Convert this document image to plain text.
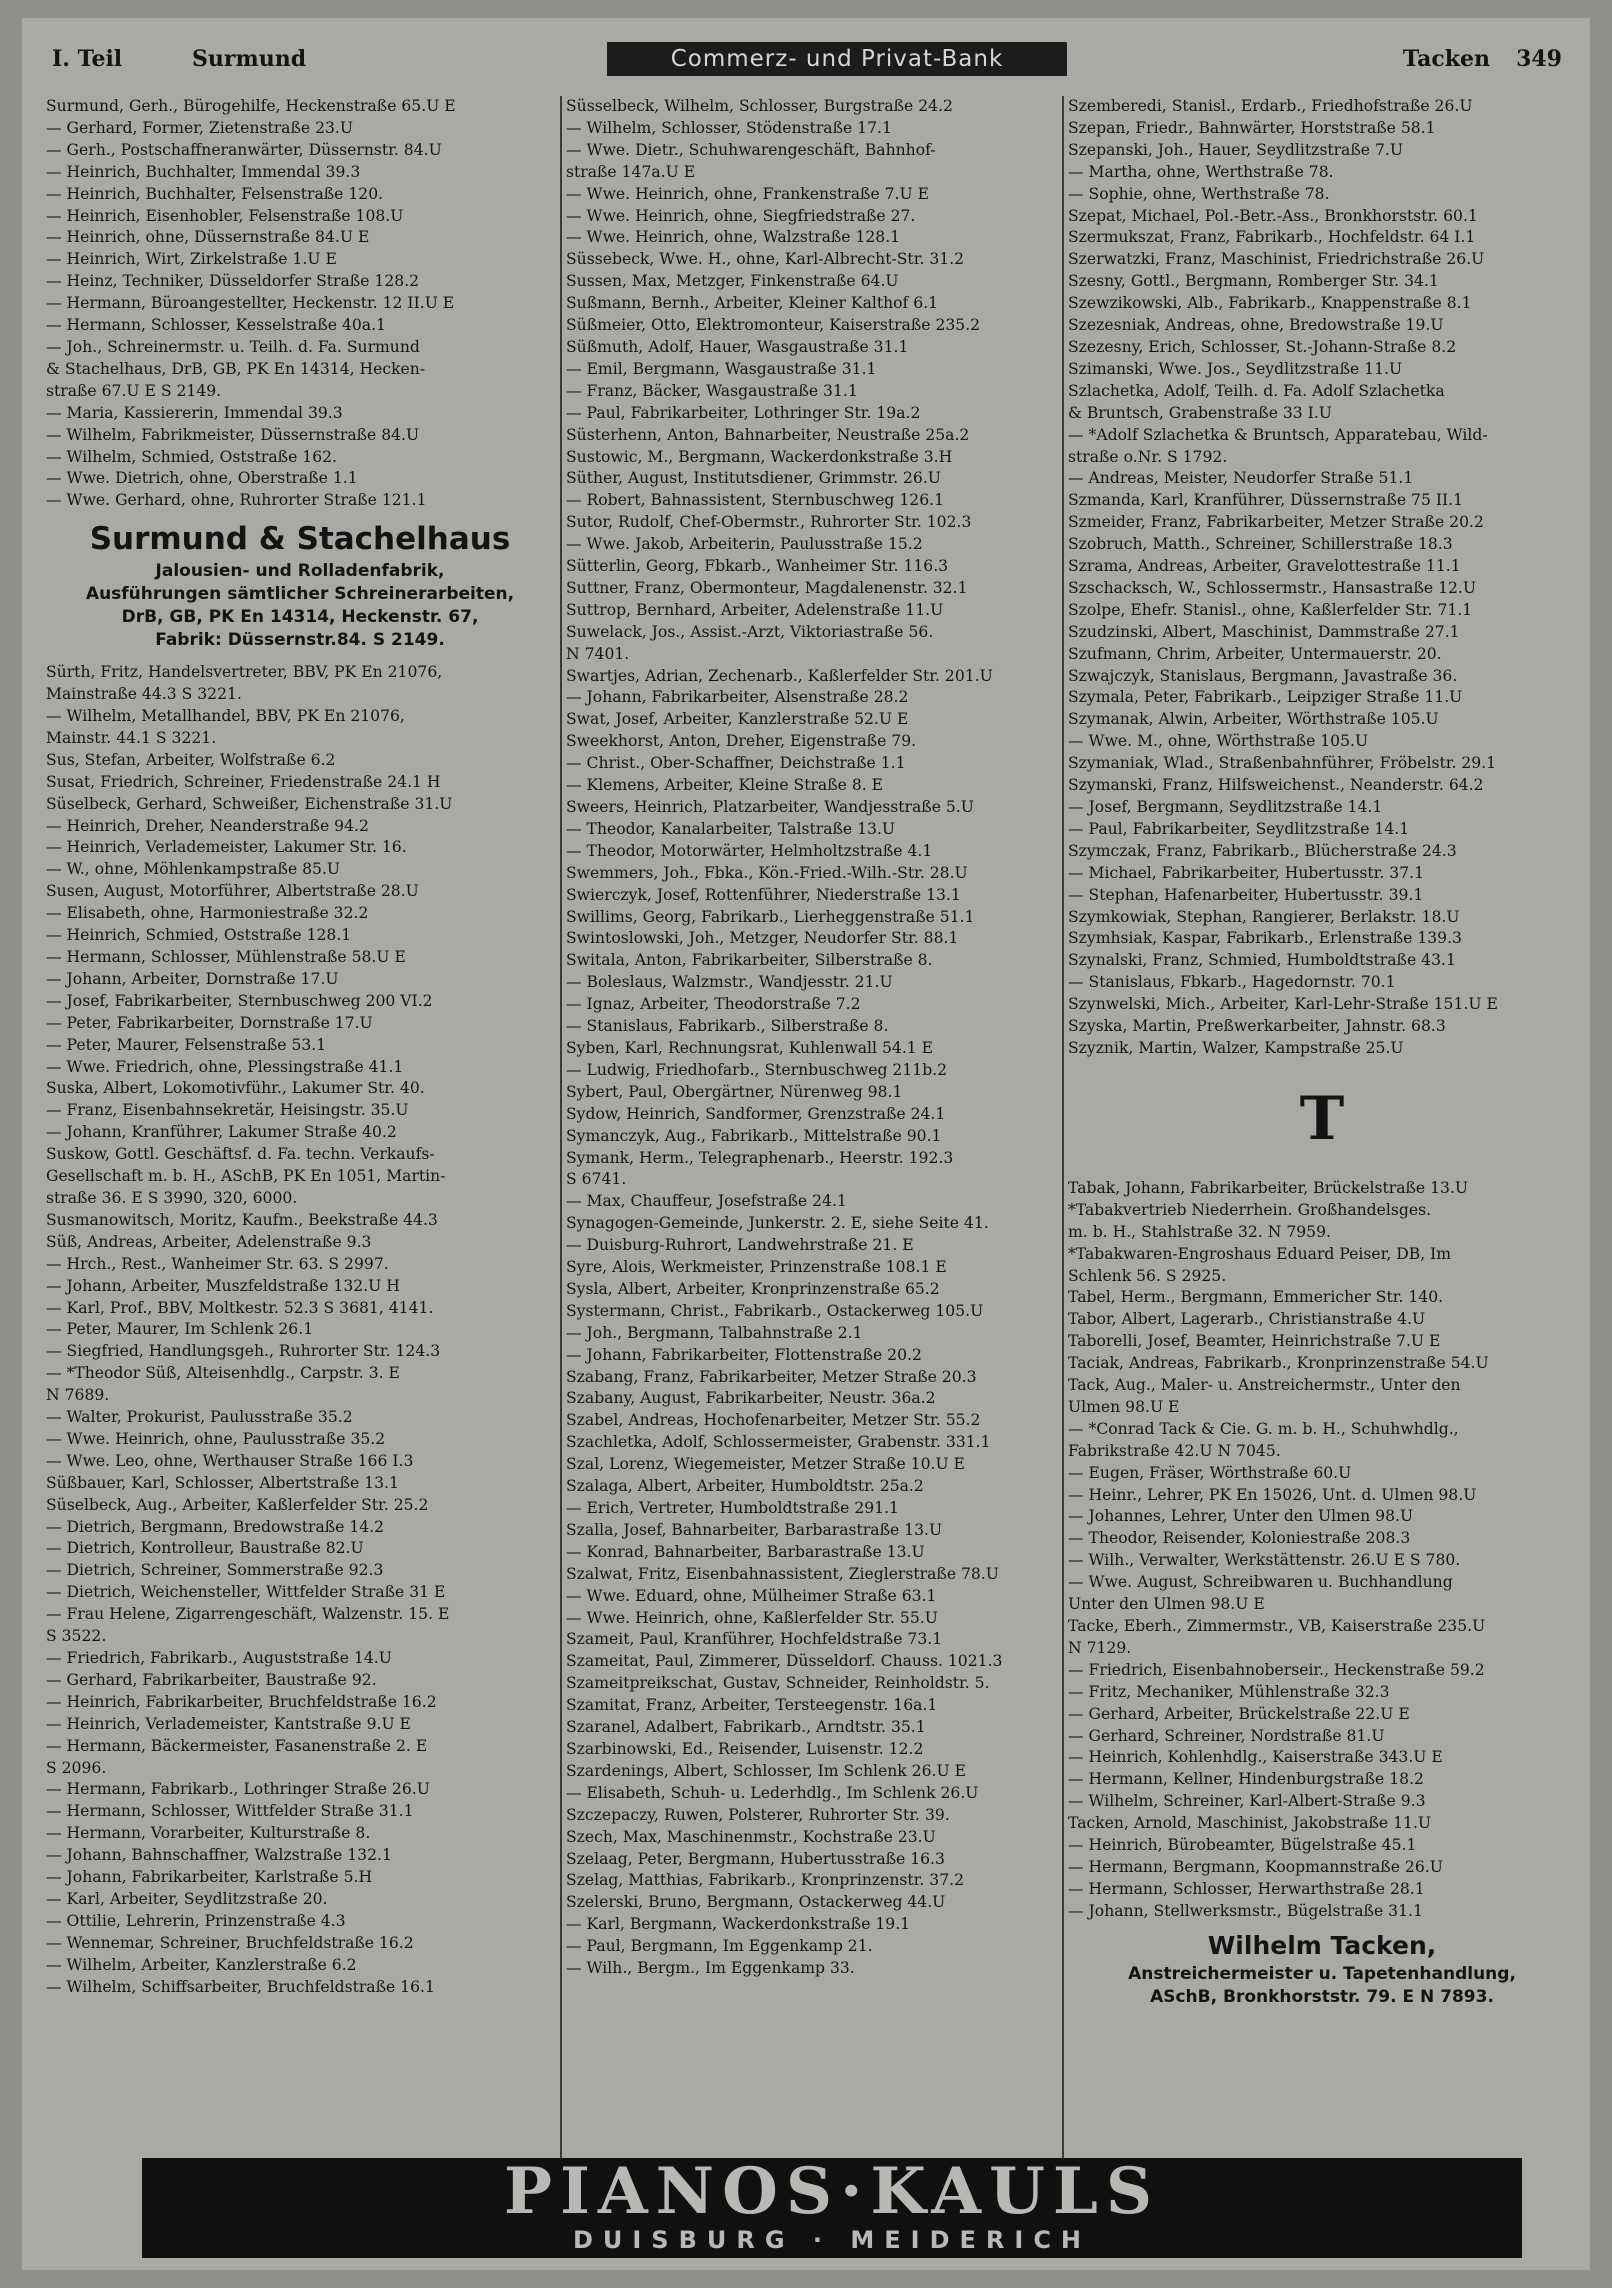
I. Teil	Surmund	Commerz- und Privat-Bank	Tacken 349
Surmund, Gerh., Bürogehilfe, Heckenstraße 65.U E
— Gerhard, Former, Zietenstraße 23.U
— Gerh., Postschaffneranwärter, Düssernstr. 84.U
— Heinrich, Buchhalter, Immendal 39.3
— Heinrich, Buchhalter, Felsenstraße 120.
— Heinrich, Eisenhobler, Felsenstraße 108.U
— Heinrich, ohne, Düssernstraße 84.U E
— Heinrich, Wirt, Zirkelstraße 1.U E
— Heinz, Techniker, Düsseldorfer Straße 128.2
— Hermann, Büroangestellter, Heckenstr. 12 II.U E
— Hermann, Schlosser, Kesselstraße 40a.1
— Joh., Schreinermstr. u. Teilh. d. Fa. Surmund
& Stachelhaus, DrB, GB, PK En 14314, Hecken-
straße 67.U E S 2149.
— Maria, Kassiererin, Immendal 39.3
— Wilhelm, Fabrikmeister, Düssernstraße 84.U
— Wilhelm, Schmied, Oststraße 162.
— Wwe. Dietrich, ohne, Oberstraße 1.1
— Wwe. Gerhard, ohne, Ruhrorter Straße 121.1
Surmund & Stachelhaus
Jalousien- und Rolladenfabrik,
Ausführungen sämtlicher Schreinerarbeiten,
DrB, GB, PK En 14314, Heckenstr. 67,
Fabrik: Düssernstr.84. S 2149.
Sürth, Fritz, Handelsvertreter, BBV, PK En 21076,
Mainstraße 44.3 S 3221.
— Wilhelm, Metallhandel, BBV, PK En 21076,
Mainstr. 44.1 S 3221.
Sus, Stefan, Arbeiter, Wolfstraße 6.2
Susat, Friedrich, Schreiner, Friedenstraße 24.1 H
Süselbeck, Gerhard, Schweißer, Eichenstraße 31.U
— Heinrich, Dreher, Neanderstraße 94.2
— Heinrich, Verlademeister, Lakumer Str. 16.
— W., ohne, Möhlenkampstraße 85.U
Susen, August, Motorführer, Albertstraße 28.U
— Elisabeth, ohne, Harmoniestraße 32.2
— Heinrich, Schmied, Oststraße 128.1
— Hermann, Schlosser, Mühlenstraße 58.U E
— Johann, Arbeiter, Dornstraße 17.U
— Josef, Fabrikarbeiter, Sternbuschweg 200 VI.2
— Peter, Fabrikarbeiter, Dornstraße 17.U
— Peter, Maurer, Felsenstraße 53.1
— Wwe. Friedrich, ohne, Plessingstraße 41.1
Suska, Albert, Lokomotivführ., Lakumer Str. 40.
— Franz, Eisenbahnsekretär, Heisingstr. 35.U
— Johann, Kranführer, Lakumer Straße 40.2
Suskow, Gottl. Geschäftsf. d. Fa. techn. Verkaufs-
Gesellschaft m. b. H., ASchB, PK En 1051, Martin-
straße 36. E S 3990, 320, 6000.
Susmanowitsch, Moritz, Kaufm., Beekstraße 44.3
Süß, Andreas, Arbeiter, Adelenstraße 9.3
— Hrch., Rest., Wanheimer Str. 63. S 2997.
— Johann, Arbeiter, Muszfeldstraße 132.U H
— Karl, Prof., BBV, Moltkestr. 52.3 S 3681, 4141.
— Peter, Maurer, Im Schlenk 26.1
— Siegfried, Handlungsgeh., Ruhrorter Str. 124.3
— *Theodor Süß, Alteisenhdlg., Carpstr. 3. E
N 7689.
— Walter, Prokurist, Paulusstraße 35.2
— Wwe. Heinrich, ohne, Paulusstraße 35.2
— Wwe. Leo, ohne, Werthauser Straße 166 I.3
Süßbauer, Karl, Schlosser, Albertstraße 13.1
Süselbeck, Aug., Arbeiter, Kaßlerfelder Str. 25.2
— Dietrich, Bergmann, Bredowstraße 14.2
— Dietrich, Kontrolleur, Baustraße 82.U
— Dietrich, Schreiner, Sommerstraße 92.3
— Dietrich, Weichensteller, Wittfelder Straße 31 E
— Frau Helene, Zigarrengeschäft, Walzenstr. 15. E
S 3522.
— Friedrich, Fabrikarb., Auguststraße 14.U
— Gerhard, Fabrikarbeiter, Baustraße 92.
— Heinrich, Fabrikarbeiter, Bruchfeldstraße 16.2
— Heinrich, Verlademeister, Kantstraße 9.U E
— Hermann, Bäckermeister, Fasanenstraße 2. E
S 2096.
— Hermann, Fabrikarb., Lothringer Straße 26.U
— Hermann, Schlosser, Wittfelder Straße 31.1
— Hermann, Vorarbeiter, Kulturstraße 8.
— Johann, Bahnschaffner, Walzstraße 132.1
— Johann, Fabrikarbeiter, Karlstraße 5.H
— Karl, Arbeiter, Seydlitzstraße 20.
— Ottilie, Lehrerin, Prinzenstraße 4.3
— Wennemar, Schreiner, Bruchfeldstraße 16.2
— Wilhelm, Arbeiter, Kanzlerstraße 6.2
— Wilhelm, Schiffsarbeiter, Bruchfeldstraße 16.1
Süsselbeck, Wilhelm, Schlosser, Burgstraße 24.2
— Wilhelm, Schlosser, Stödenstraße 17.1
— Wwe. Dietr., Schuhwarengeschäft, Bahnhof-
straße 147a.U E
— Wwe. Heinrich, ohne, Frankenstraße 7.U E
— Wwe. Heinrich, ohne, Siegfriedstraße 27.
— Wwe. Heinrich, ohne, Walzstraße 128.1
Süssebeck, Wwe. H., ohne, Karl-Albrecht-Str. 31.2
Sussen, Max, Metzger, Finkenstraße 64.U
Sußmann, Bernh., Arbeiter, Kleiner Kalthof 6.1
Süßmeier, Otto, Elektromonteur, Kaiserstraße 235.2
Süßmuth, Adolf, Hauer, Wasgaustraße 31.1
— Emil, Bergmann, Wasgaustraße 31.1
— Franz, Bäcker, Wasgaustraße 31.1
— Paul, Fabrikarbeiter, Lothringer Str. 19a.2
Süsterhenn, Anton, Bahnarbeiter, Neustraße 25a.2
Sustowic, M., Bergmann, Wackerdonkstraße 3.H
Süther, August, Institutsdiener, Grimmstr. 26.U
— Robert, Bahnassistent, Sternbuschweg 126.1
Sutor, Rudolf, Chef-Obermstr., Ruhrorter Str. 102.3
— Wwe. Jakob, Arbeiterin, Paulusstraße 15.2
Sütterlin, Georg, Fbkarb., Wanheimer Str. 116.3
Suttner, Franz, Obermonteur, Magdalenenstr. 32.1
Suttrop, Bernhard, Arbeiter, Adelenstraße 11.U
Suwelack, Jos., Assist.-Arzt, Viktoriastraße 56.
N 7401.
Swartjes, Adrian, Zechenarb., Kaßlerfelder Str. 201.U
— Johann, Fabrikarbeiter, Alsenstraße 28.2
Swat, Josef, Arbeiter, Kanzlerstraße 52.U E
Sweekhorst, Anton, Dreher, Eigenstraße 79.
— Christ., Ober-Schaffner, Deichstraße 1.1
— Klemens, Arbeiter, Kleine Straße 8. E
Sweers, Heinrich, Platzarbeiter, Wandjesstraße 5.U
— Theodor, Kanalarbeiter, Talstraße 13.U
— Theodor, Motorwärter, Helmholtzstraße 4.1
Swemmers, Joh., Fbka., Kön.-Fried.-Wilh.-Str. 28.U
Swierczyk, Josef, Rottenführer, Niederstraße 13.1
Swillims, Georg, Fabrikarb., Lierheggenstraße 51.1
Swintoslowski, Joh., Metzger, Neudorfer Str. 88.1
Switala, Anton, Fabrikarbeiter, Silberstraße 8.
— Boleslaus, Walzmstr., Wandjesstr. 21.U
— Ignaz, Arbeiter, Theodorstraße 7.2
— Stanislaus, Fabrikarb., Silberstraße 8.
Syben, Karl, Rechnungsrat, Kuhlenwall 54.1 E
— Ludwig, Friedhofarb., Sternbuschweg 211b.2
Sybert, Paul, Obergärtner, Nürenweg 98.1
Sydow, Heinrich, Sandformer, Grenzstraße 24.1
Symanczyk, Aug., Fabrikarb., Mittelstraße 90.1
Symank, Herm., Telegraphenarb., Heerstr. 192.3
S 6741.
— Max, Chauffeur, Josefstraße 24.1
Synagogen-Gemeinde, Junkerstr. 2. E, siehe Seite 41.
— Duisburg-Ruhrort, Landwehrstraße 21. E
Syre, Alois, Werkmeister, Prinzenstraße 108.1 E
Sysla, Albert, Arbeiter, Kronprinzenstraße 65.2
Systermann, Christ., Fabrikarb., Ostackerweg 105.U
— Joh., Bergmann, Talbahnstraße 2.1
— Johann, Fabrikarbeiter, Flottenstraße 20.2
Szabang, Franz, Fabrikarbeiter, Metzer Straße 20.3
Szabany, August, Fabrikarbeiter, Neustr. 36a.2
Szabel, Andreas, Hochofenarbeiter, Metzer Str. 55.2
Szachletka, Adolf, Schlossermeister, Grabenstr. 331.1
Szal, Lorenz, Wiegemeister, Metzer Straße 10.U E
Szalaga, Albert, Arbeiter, Humboldtstr. 25a.2
— Erich, Vertreter, Humboldtstraße 291.1
Szalla, Josef, Bahnarbeiter, Barbarastraße 13.U
— Konrad, Bahnarbeiter, Barbarastraße 13.U
Szalwat, Fritz, Eisenbahnassistent, Zieglerstraße 78.U
— Wwe. Eduard, ohne, Mülheimer Straße 63.1
— Wwe. Heinrich, ohne, Kaßlerfelder Str. 55.U
Szameit, Paul, Kranführer, Hochfeldstraße 73.1
Szameitat, Paul, Zimmerer, Düsseldorf. Chauss. 1021.3
Szameitpreikschat, Gustav, Schneider, Reinholdstr. 5.
Szamitat, Franz, Arbeiter, Tersteegenstr. 16a.1
Szaranel, Adalbert, Fabrikarb., Arndtstr. 35.1
Szarbinowski, Ed., Reisender, Luisenstr. 12.2
Szardenings, Albert, Schlosser, Im Schlenk 26.U E
— Elisabeth, Schuh- u. Lederhdlg., Im Schlenk 26.U
Szczepaczy, Ruwen, Polsterer, Ruhrorter Str. 39.
Szech, Max, Maschinenmstr., Kochstraße 23.U
Szelaag, Peter, Bergmann, Hubertusstraße 16.3
Szelag, Matthias, Fabrikarb., Kronprinzenstr. 37.2
Szelerski, Bruno, Bergmann, Ostackerweg 44.U
— Karl, Bergmann, Wackerdonkstraße 19.1
— Paul, Bergmann, Im Eggenkamp 21.
— Wilh., Bergm., Im Eggenkamp 33.
Szemberedi, Stanisl., Erdarb., Friedhofstraße 26.U
Szepan, Friedr., Bahnwärter, Horststraße 58.1
Szepanski, Joh., Hauer, Seydlitzstraße 7.U
— Martha, ohne, Werthstraße 78.
— Sophie, ohne, Werthstraße 78.
Szepat, Michael, Pol.-Betr.-Ass., Bronkhorststr. 60.1
Szermukszat, Franz, Fabrikarb., Hochfeldstr. 64 I.1
Szerwatzki, Franz, Maschinist, Friedrichstraße 26.U
Szesny, Gottl., Bergmann, Romberger Str. 34.1
Szewzikowski, Alb., Fabrikarb., Knappenstraße 8.1
Szezesniak, Andreas, ohne, Bredowstraße 19.U
Szezesny, Erich, Schlosser, St.-Johann-Straße 8.2
Szimanski, Wwe. Jos., Seydlitzstraße 11.U
Szlachetka, Adolf, Teilh. d. Fa. Adolf Szlachetka
& Bruntsch, Grabenstraße 33 I.U
— *Adolf Szlachetka & Bruntsch, Apparatebau, Wild-
straße o.Nr. S 1792.
— Andreas, Meister, Neudorfer Straße 51.1
Szmanda, Karl, Kranführer, Düssernstraße 75 II.1
Szmeider, Franz, Fabrikarbeiter, Metzer Straße 20.2
Szobruch, Matth., Schreiner, Schillerstraße 18.3
Szrama, Andreas, Arbeiter, Gravelottestraße 11.1
Szschacksch, W., Schlossermstr., Hansastraße 12.U
Szolpe, Ehefr. Stanisl., ohne, Kaßlerfelder Str. 71.1
Szudzinski, Albert, Maschinist, Dammstraße 27.1
Szufmann, Chrim, Arbeiter, Untermauerstr. 20.
Szwajczyk, Stanislaus, Bergmann, Javastraße 36.
Szymala, Peter, Fabrikarb., Leipziger Straße 11.U
Szymanak, Alwin, Arbeiter, Wörthstraße 105.U
— Wwe. M., ohne, Wörthstraße 105.U
Szymaniak, Wlad., Straßenbahnführer, Fröbelstr. 29.1
Szymanski, Franz, Hilfsweichenst., Neanderstr. 64.2
— Josef, Bergmann, Seydlitzstraße 14.1
— Paul, Fabrikarbeiter, Seydlitzstraße 14.1
Szymczak, Franz, Fabrikarb., Blücherstraße 24.3
— Michael, Fabrikarbeiter, Hubertusstr. 37.1
— Stephan, Hafenarbeiter, Hubertusstr. 39.1
Szymkowiak, Stephan, Rangierer, Berlakstr. 18.U
Szymhsiak, Kaspar, Fabrikarb., Erlenstraße 139.3
Szynalski, Franz, Schmied, Humboldtstraße 43.1
— Stanislaus, Fbkarb., Hagedornstr. 70.1
Szynwelski, Mich., Arbeiter, Karl-Lehr-Straße 151.U E
Szyska, Martin, Preßwerkarbeiter, Jahnstr. 68.3
Szyznik, Martin, Walzer, Kampstraße 25.U
T
Tabak, Johann, Fabrikarbeiter, Brückelstraße 13.U
*Tabakvertrieb Niederrhein. Großhandelsges.
m. b. H., Stahlstraße 32. N 7959.
*Tabakwaren-Engroshaus Eduard Peiser, DB, Im
Schlenk 56. S 2925.
Tabel, Herm., Bergmann, Emmericher Str. 140.
Tabor, Albert, Lagerarb., Christianstraße 4.U
Taborelli, Josef, Beamter, Heinrichstraße 7.U E
Taciak, Andreas, Fabrikarb., Kronprinzenstraße 54.U
Tack, Aug., Maler- u. Anstreichermstr., Unter den
Ulmen 98.U E
— *Conrad Tack & Cie. G. m. b. H., Schuhwhdlg.,
Fabrikstraße 42.U N 7045.
— Eugen, Fräser, Wörthstraße 60.U
— Heinr., Lehrer, PK En 15026, Unt. d. Ulmen 98.U
— Johannes, Lehrer, Unter den Ulmen 98.U
— Theodor, Reisender, Koloniestraße 208.3
— Wilh., Verwalter, Werkstättenstr. 26.U E S 780.
— Wwe. August, Schreibwaren u. Buchhandlung
Unter den Ulmen 98.U E
Tacke, Eberh., Zimmermstr., VB, Kaiserstraße 235.U
N 7129.
— Friedrich, Eisenbahnoberseir., Heckenstraße 59.2
— Fritz, Mechaniker, Mühlenstraße 32.3
— Gerhard, Arbeiter, Brückelstraße 22.U E
— Gerhard, Schreiner, Nordstraße 81.U
— Heinrich, Kohlenhdlg., Kaiserstraße 343.U E
— Hermann, Kellner, Hindenburgstraße 18.2
— Wilhelm, Schreiner, Karl-Albert-Straße 9.3
Tacken, Arnold, Maschinist, Jakobstraße 11.U
— Heinrich, Bürobeamter, Bügelstraße 45.1
— Hermann, Bergmann, Koopmannstraße 26.U
— Hermann, Schlosser, Herwarthstraße 28.1
— Johann, Stellwerksmstr., Bügelstraße 31.1
Wilhelm Tacken,
Anstreichermeister u. Tapetenhandlung,
ASchB, Bronkhorststr. 79. E N 7893.
PIANOS·KAULS
DUISBURG · MEIDERICH
